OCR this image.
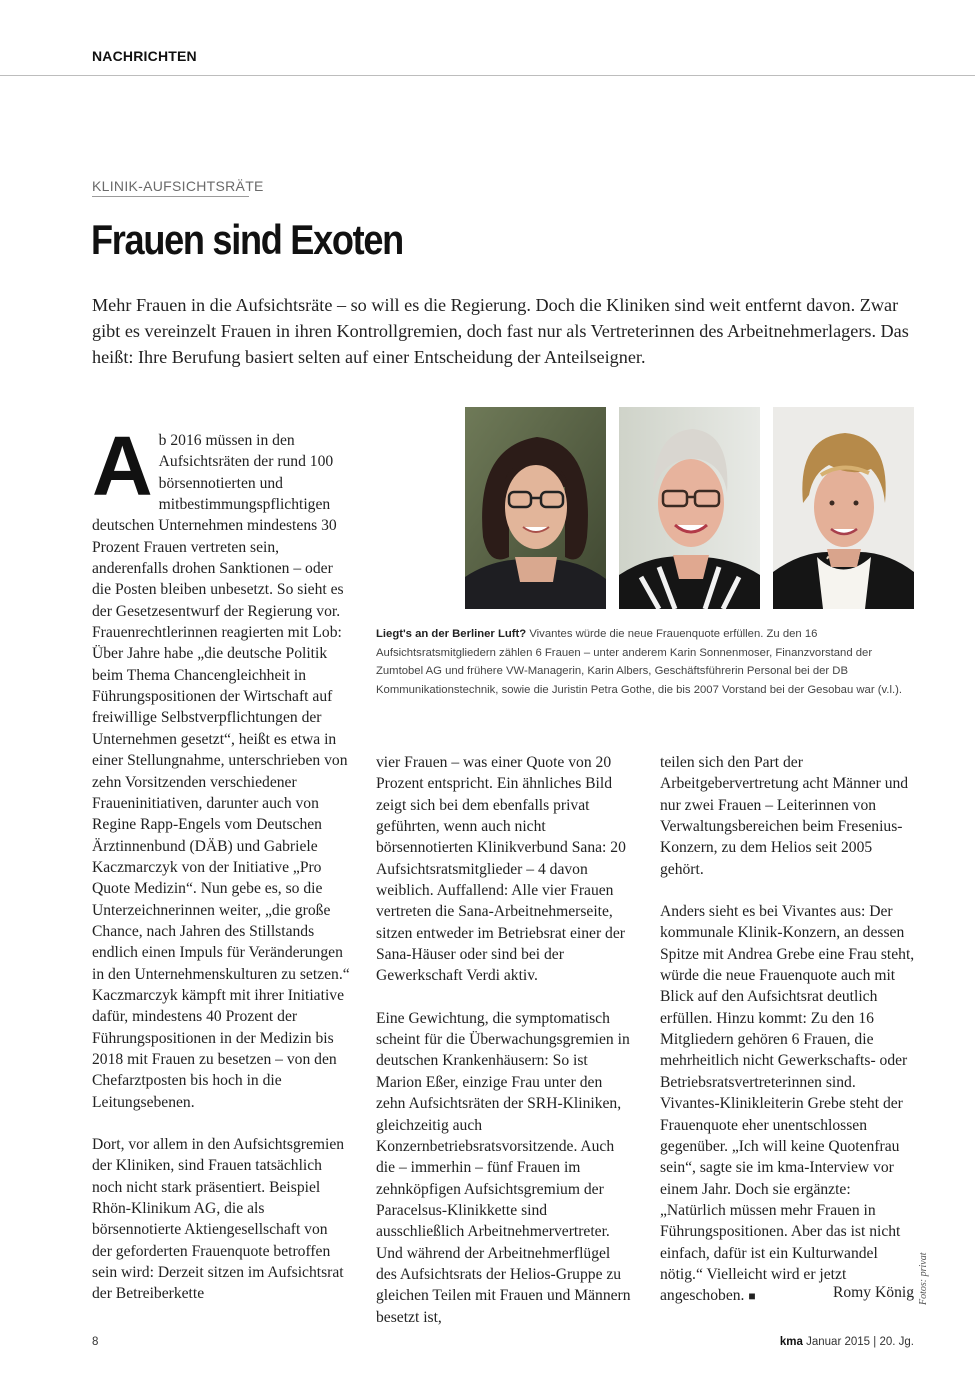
NACHRICHTEN
KLINIK-AUFSICHTSRÄTE
Frauen sind Exoten

Mehr Frauen in die Aufsichtsräte – so will es die Regierung. Doch die Kliniken sind weit entfernt davon. Zwar gibt es vereinzelt Frauen in ihren Kontrollgremien, doch fast nur als Vertreterinnen des Arbeitnehmerlagers. Das heißt: Ihre Berufung basiert selten auf einer Entscheidung der Anteilseigner.

Ab 2016 müssen in den Aufsichtsräten der rund 100 börsennotierten und mitbestimmungspflichtigen deutschen Unternehmen mindestens 30 Prozent Frauen vertreten sein, anderenfalls drohen Sanktionen – oder die Posten bleiben unbesetzt. So sieht es der Gesetzesentwurf der Regierung vor. Frauenrechtlerinnen reagierten mit Lob: Über Jahre habe „die deutsche Politik beim Thema Chancengleichheit in Führungspositionen der Wirtschaft auf freiwillige Selbstverpflichtungen der Unternehmen gesetzt“, heißt es etwa in einer Stellungnahme, unterschrieben von zehn Vorsitzenden verschiedener Fraueninitiativen, darunter auch von Regine Rapp-Engels vom Deutschen Ärztinnenbund (DÄB) und Gabriele Kaczmarczyk von der Initiative „Pro Quote Medizin“. Nun gebe es, so die Unterzeichnerinnen weiter, „die große Chance, nach Jahren des Stillstands endlich einen Impuls für Veränderungen in den Unternehmenskulturen zu setzen.“ Kaczmarczyk kämpft mit ihrer Initiative dafür, mindestens 40 Prozent der Führungspositionen in der Medizin bis 2018 mit Frauen zu besetzen – von den Chefarztposten bis hoch in die Leitungsebenen.

Dort, vor allem in den Aufsichtsgremien der Kliniken, sind Frauen tatsächlich noch nicht stark präsentiert. Beispiel Rhön-Klinikum AG, die als börsennotierte Aktiengesellschaft von der geforderten Frauenquote betroffen sein wird: Derzeit sitzen im Aufsichtsrat der Betreiberkette

Liegt's an der Berliner Luft? Vivantes würde die neue Frauenquote erfüllen. Zu den 16 Aufsichtsratsmitgliedern zählen 6 Frauen – unter anderem Karin Sonnenmoser, Finanzvorstand der Zumtobel AG und frühere VW-Managerin, Karin Albers, Geschäftsführerin Personal bei der DB Kommunikationstechnik, sowie die Juristin Petra Gothe, die bis 2007 Vorstand bei der Gesobau war (v.l.).

vier Frauen – was einer Quote von 20 Prozent entspricht. Ein ähnliches Bild zeigt sich bei dem ebenfalls privat geführten, wenn auch nicht börsennotierten Klinikverbund Sana: 20 Aufsichtsratsmitglieder – 4 davon weiblich. Auffallend: Alle vier Frauen vertreten die Sana-Arbeitnehmerseite, sitzen entweder im Betriebsrat einer der Sana-Häuser oder sind bei der Gewerkschaft Verdi aktiv.

Eine Gewichtung, die symptomatisch scheint für die Überwachungsgremien in deutschen Krankenhäusern: So ist Marion Eßer, einzige Frau unter den zehn Aufsichtsräten der SRH-Kliniken, gleichzeitig auch Konzernbetriebsratsvorsitzende. Auch die – immerhin – fünf Frauen im zehnköpfigen Aufsichtsgremium der Paracelsus-Klinikkette sind ausschließlich Arbeitnehmervertreter. Und während der Arbeitnehmerflügel des Aufsichtsrats der Helios-Gruppe zu gleichen Teilen mit Frauen und Männern besetzt ist,

teilen sich den Part der Arbeitgebervertretung acht Männer und nur zwei Frauen – Leiterinnen von Verwaltungsbereichen beim Fresenius-Konzern, zu dem Helios seit 2005 gehört.

Anders sieht es bei Vivantes aus: Der kommunale Klinik-Konzern, an dessen Spitze mit Andrea Grebe eine Frau steht, würde die neue Frauenquote auch mit Blick auf den Aufsichtsrat deutlich erfüllen. Hinzu kommt: Zu den 16 Mitgliedern gehören 6 Frauen, die mehrheitlich nicht Gewerkschafts- oder Betriebsratsvertreterinnen sind. Vivantes-Klinikleiterin Grebe steht der Frauenquote eher unentschlossen gegenüber. „Ich will keine Quotenfrau sein“, sagte sie im kma-Interview vor einem Jahr. Doch sie ergänzte: „Natürlich müssen mehr Frauen in Führungspositionen. Aber das ist nicht einfach, dafür ist ein Kulturwandel nötig.“ Vielleicht wird er jetzt angeschoben. ■	Romy König Fotos: privat
8	kma Januar 2015 | 20. Jg.
